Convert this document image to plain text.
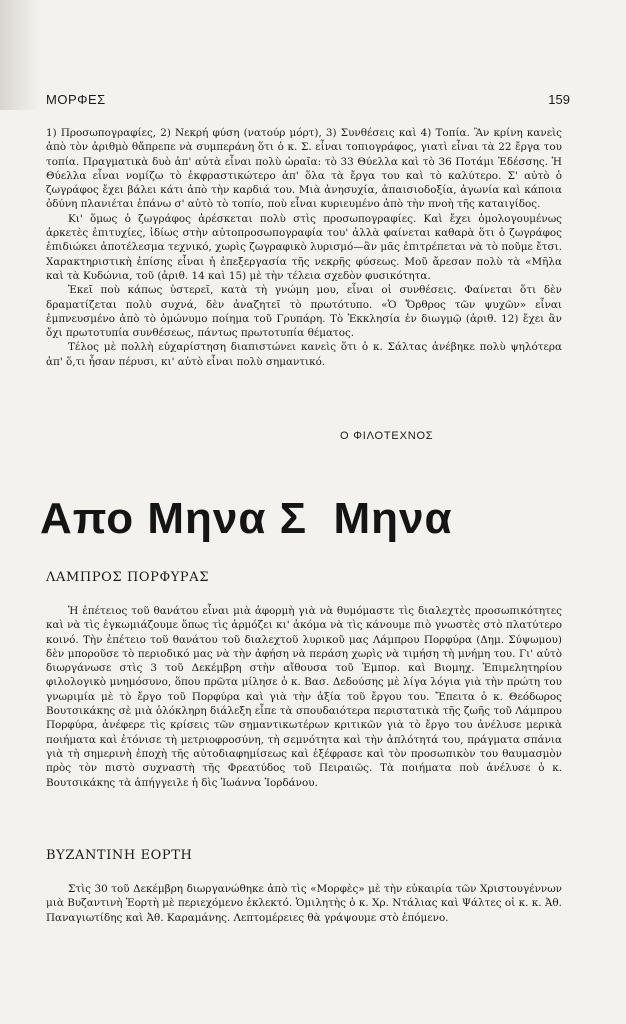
ΜΟΡΦΕΣ	159

1) Προσωπογραφίες, 2) Νεκρή φύση (νατούρ μόρτ), 3) Συνθέσεις καὶ 4) Τοπία. Ἂν κρίνη κανεὶς ἀπὸ τὸν ἀριθμὸ θἄπρεπε νὰ συμπεράνη ὅτι ὁ κ. Σ. εἶναι τοπιογράφος, γιατὶ εἶναι τὰ 22 ἔργα του τοπία. Πραγματικὰ δυὸ ἀπ' αὐτὰ εἶναι πολὺ ὡραῖα: τὸ 33 Θύελλα καὶ τὸ 36 Ποτάμι Ἐδέσσης. Ἡ Θύελλα εἶναι νομίζω τὸ ἐκφραστικώτερο ἀπ' ὅλα τὰ ἔργα του καὶ τὸ καλύτερο. Σ' αὐτὸ ὁ ζωγράφος ἔχει βάλει κάτι ἀπὸ τὴν καρδιά του. Μιὰ ἀνησυχία, ἀπαισιοδοξία, ἀγωνία καὶ κάποια ὀδύνη πλανιέται ἐπάνω σ' αὐτὸ τὸ τοπίο, ποὺ εἶναι κυριευμένο ἀπὸ τὴν πνοὴ τῆς καταιγίδος.

Κι' ὅμως ὁ ζωγράφος ἀρέσκεται πολὺ στὶς προσωπογραφίες. Καὶ ἔχει ὁμολογουμένως ἀρκετὲς ἐπιτυχίες, ἰδίως στὴν αὐτοπροσωπογραφία του' ἀλλὰ φαίνεται καθαρὰ ὅτι ὁ ζωγράφος ἐπιδιώκει ἀποτέλεσμα τεχνικό, χωρὶς ζωγραφικὸ λυρισμό—ἂν μᾶς ἐπιτρέπεται νὰ τὸ ποῦμε ἔτσι. Χαρακτηριστικὴ ἐπίσης εἶναι ἡ ἐπεξεργασία τῆς νεκρῆς φύσεως. Μοῦ ἄρεσαν πολὺ τὰ «Μῆλα καὶ τὰ Κυδώνια, τοῦ (ἀριθ. 14 καὶ 15) μὲ τὴν τέλεια σχεδὸν φυσικότητα.

Ἐκεῖ ποὺ κάπως ὑστερεῖ, κατὰ τὴ γνώμη μου, εἶναι οἱ συνθέσεις. Φαίνεται ὅτι δὲν δραματίζεται πολὺ συχνά, δὲν ἀναζητεῖ τὸ πρωτότυπο. «Ὁ Ὄρθρος τῶν ψυχῶν» εἶναι ἐμπνευσμένο ἀπὸ τὸ ὁμώνυμο ποίημα τοῦ Γρυπάρη. Τὸ Ἐκκλησία ἐν διωγμῷ (ἀριθ. 12) ἔχει ἂν ὄχι πρωτοτυπία συνθέσεως, πάντως πρωτοτυπία θέματος.

Τέλος μὲ πολλὴ εὐχαρίστηση διαπιστώνει κανεὶς ὅτι ὁ κ. Σάλτας ἀνέβηκε πολὺ ψηλότερα ἀπ' ὅ,τι ἦσαν πέρυσι, κι' αὐτὸ εἶναι πολὺ σημαντικό.

Ο ΦΙΛΟΤΕΧΝΟΣ
Απο Μηνα Σ  Μηνα
ΛΑΜΠΡΟΣ ΠΟΡΦΥΡΑΣ

Ἡ ἐπέτειος τοῦ θανάτου εἶναι μιὰ ἀφορμὴ γιὰ νὰ θυμόμαστε τὶς διαλεχτὲς προσωπικότητες καὶ νὰ τὶς ἐγκωμιάζουμε ὅπως τὶς ἁρμόζει κι' ἀκόμα νὰ τὶς κάνουμε πιὸ γνωστὲς στὸ πλατύτερο κοινό. Τὴν ἐπέτειο τοῦ θανάτου τοῦ διαλεχτοῦ λυρικοῦ μας Λάμπρου Πορφύρα (Δημ. Σύψωμου) δὲν μποροῦσε τὸ περιοδικό μας νὰ τὴν ἀφήση νὰ περάση χωρὶς νὰ τιμήση τὴ μνήμη του. Γι' αὐτὸ διωργάνωσε στὶς 3 τοῦ Δεκέμβρη στὴν αἴθουσα τοῦ Ἐμπορ. καὶ Βιομηχ. Ἐπιμελητηρίου φιλολογικὸ μνημόσυνο, ὅπου πρῶτα μίλησε ὁ κ. Βασ. Δεδούσης μὲ λίγα λόγια γιὰ τὴν πρώτη του γνωριμία μὲ τὸ ἔργο τοῦ Πορφύρα καὶ γιὰ τὴν ἀξία τοῦ ἔργου του. Ἔπειτα ὁ κ. Θεόδωρος Βουτσικάκης σὲ μιὰ ὁλόκληρη διάλεξη εἶπε τὰ σπουδαιότερα περιστατικὰ τῆς ζωῆς τοῦ Λάμπρου Πορφύρα, ἀνέφερε τὶς κρίσεις τῶν σημαντικωτέρων κριτικῶν γιὰ τὸ ἔργο του ἀνέλυσε μερικὰ ποιήματα καὶ ἐτόνισε τὴ μετριοφροσύνη, τὴ σεμνότητα καὶ τὴν ἁπλότητά του, πράγματα σπάνια γιὰ τὴ σημερινὴ ἐποχὴ τῆς αὐτοδιαφημίσεως καὶ ἐξέφρασε καὶ τὸν προσωπικὸν του θαυμασμὸν πρὸς τὸν πιστὸ συχναστὴ τῆς Φρεατύδος τοῦ Πειραιῶς. Τὰ ποιήματα ποὺ ἀνέλυσε ὁ κ. Βουτσικάκης τὰ ἀπήγγειλε ἡ δὶς Ἰωάννα Ἰορδάνου.

ΒΥΖΑΝΤΙΝΗ ΕΟΡΤΗ

Στὶς 30 τοῦ Δεκέμβρη διωργανώθηκε ἀπὸ τὶς «Μορφὲς» μὲ τὴν εὐκαιρία τῶν Χριστουγέννων μιὰ Βυζαντινὴ Ἑορτὴ μὲ περιεχόμενο ἐκλεκτό. Ὁμιλητὴς ὁ κ. Χρ. Ντάλιας καὶ Ψάλτες οἱ κ. κ. Ἀθ. Παναγιωτίδης καὶ Ἀθ. Καραμάνης. Λεπτομέρειες θὰ γράψουμε στὸ ἑπόμενο.
